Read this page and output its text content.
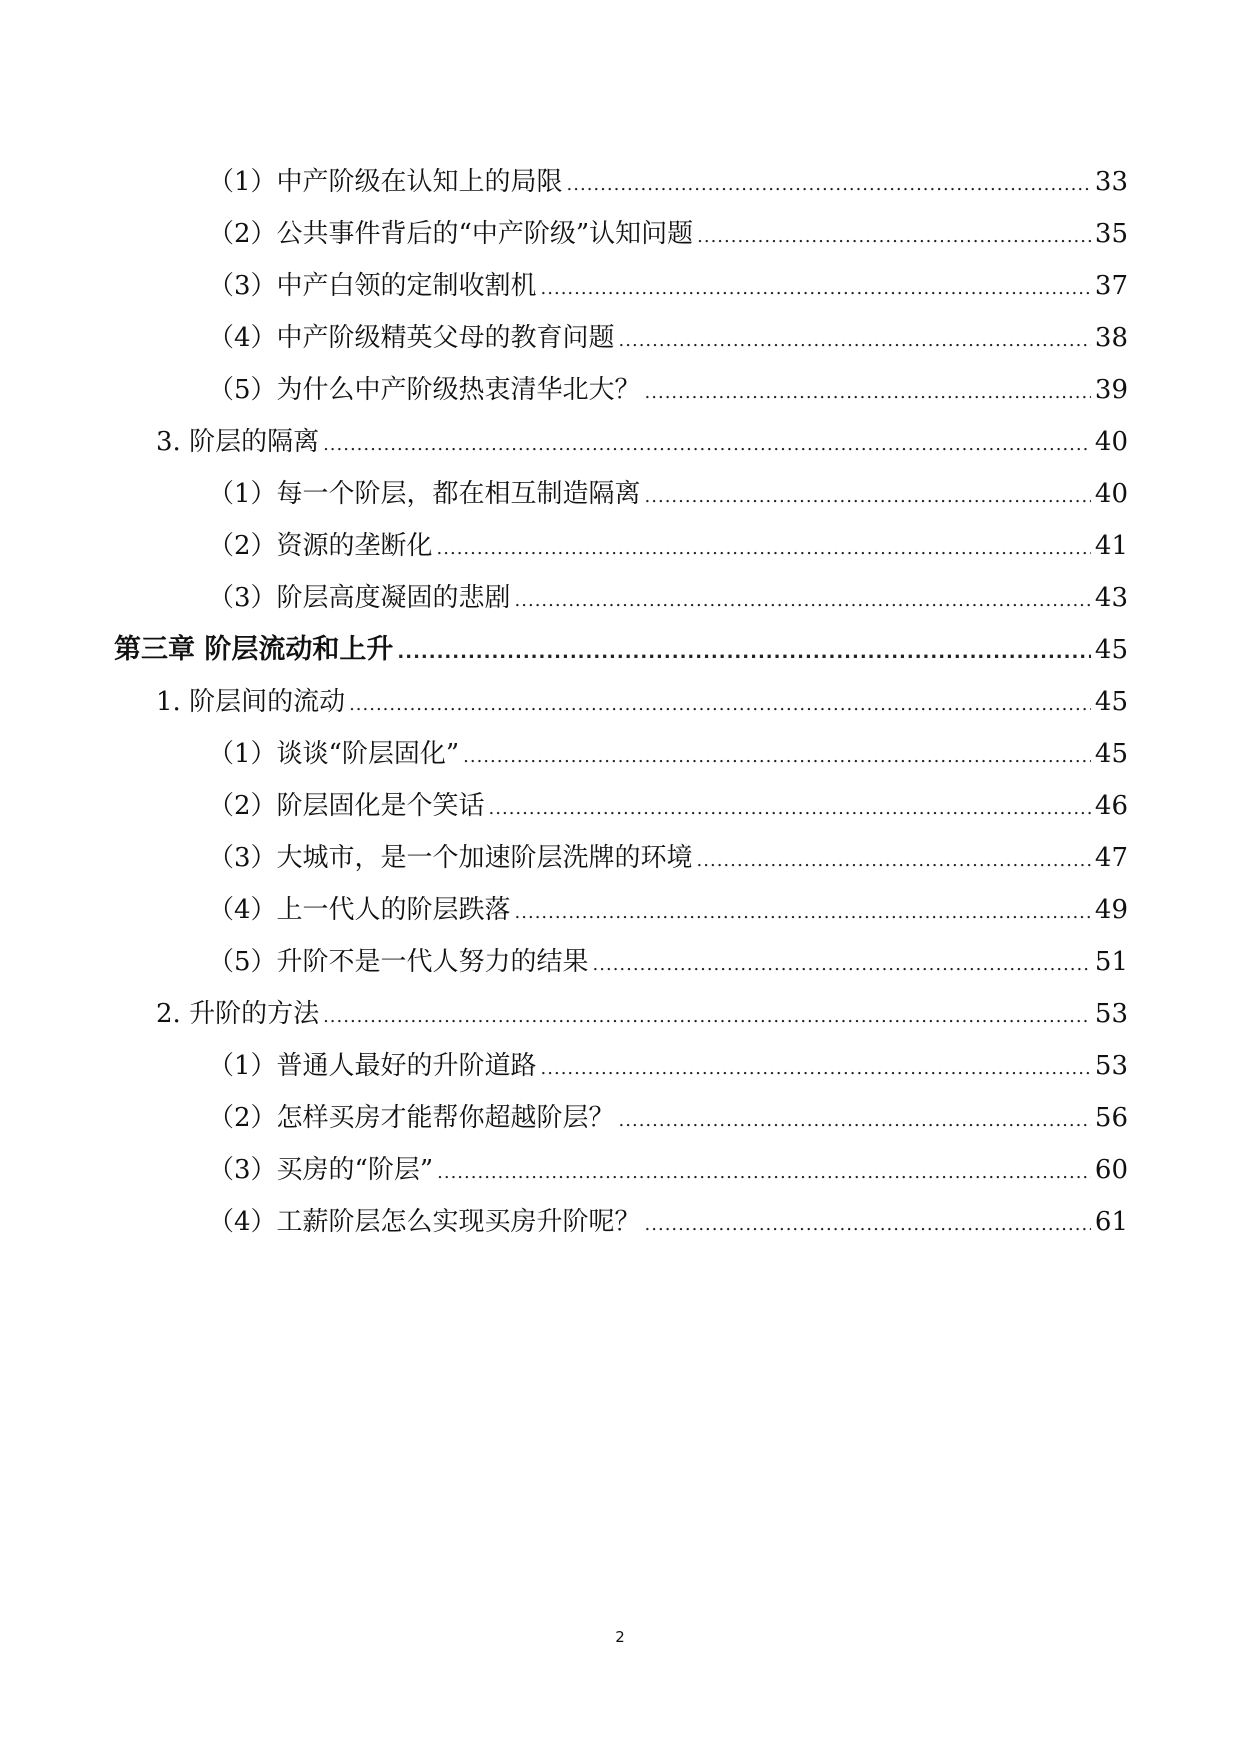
（1）中产阶级在认知上的局限 .....	33
（2）公共事件背后的“中产阶级”认知问题 .....	35
（3）中产白领的定制收割机 .....	37
（4）中产阶级精英父母的教育问题 .....	38
（5）为什么中产阶级热衷清华北大？ .....	39
3. 阶层的隔离 .....	40
（1）每一个阶层，都在相互制造隔离 .....	40
（2）资源的垄断化 .....	41
（3）阶层高度凝固的悲剧 .....	43
第三章 阶层流动和上升 .....	45
1. 阶层间的流动 .....	45
（1）谈谈“阶层固化” .....	45
（2）阶层固化是个笑话 .....	46
（3）大城市，是一个加速阶层洗牌的环境 .....	47
（4）上一代人的阶层跌落 .....	49
（5）升阶不是一代人努力的结果 .....	51
2. 升阶的方法 .....	53
（1）普通人最好的升阶道路 .....	53
（2）怎样买房才能帮你超越阶层？ .....	56
（3）买房的“阶层” .....	60
（4）工薪阶层怎么实现买房升阶呢？ .....	61
2
